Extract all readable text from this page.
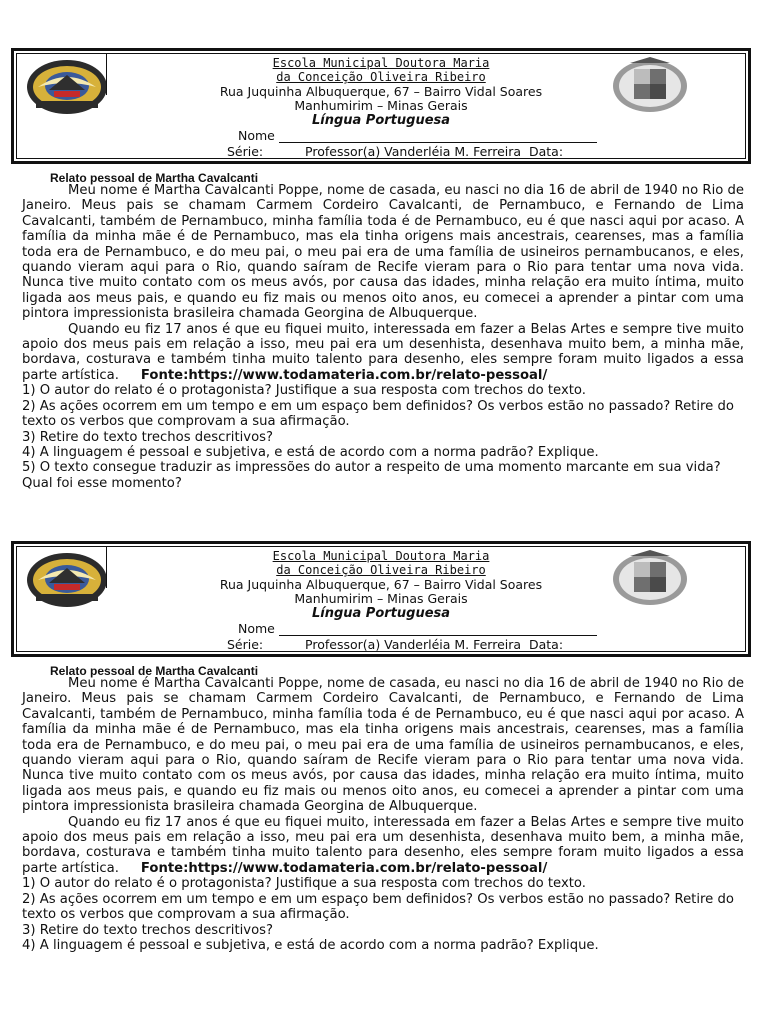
Escola Municipal Doutora Maria
da Conceição Oliveira Ribeiro
Rua Juquinha Albuquerque, 67 – Bairro Vidal Soares
Manhumirim – Minas Gerais
Língua Portuguesa
Nome
Série:	Professor(a) Vanderléia M. Ferreira Data:
Relato pessoal de Martha Cavalcanti

Meu nome é Martha Cavalcanti Poppe, nome de casada, eu nasci no dia 16 de abril de 1940 no Rio de Janeiro. Meus pais se chamam Carmem Cordeiro Cavalcanti, de Pernambuco, e Fernando de Lima Cavalcanti, também de Pernambuco, minha família toda é de Pernambuco, eu é que nasci aqui por acaso. A família da minha mãe é de Pernambuco, mas ela tinha origens mais ancestrais, cearenses, mas a família toda era de Pernambuco, e do meu pai, o meu pai era de uma família de usineiros pernambucanos, e eles, quando vieram aqui para o Rio, quando saíram de Recife vieram para o Rio para tentar uma nova vida. Nunca tive muito contato com os meus avós, por causa das idades, minha relação era muito íntima, muito ligada aos meus pais, e quando eu fiz mais ou menos oito anos, eu comecei a aprender a pintar com uma pintora impressionista brasileira chamada Georgina de Albuquerque.

Quando eu fiz 17 anos é que eu fiquei muito, interessada em fazer a Belas Artes e sempre tive muito apoio dos meus pais em relação a isso, meu pai era um desenhista, desenhava muito bem, a minha mãe, bordava, costurava e também tinha muito talento para desenho, eles sempre foram muito ligados a essa parte artística. Fonte:https://www.todamateria.com.br/relato-pessoal/

1) O autor do relato é o protagonista? Justifique a sua resposta com trechos do texto.

2) As ações ocorrem em um tempo e em um espaço bem definidos? Os verbos estão no passado? Retire do texto os verbos que comprovam a sua afirmação.

3) Retire do texto trechos descritivos?

4) A linguagem é pessoal e subjetiva, e está de acordo com a norma padrão? Explique.

5) O texto consegue traduzir as impressões do autor a respeito de uma momento marcante em sua vida? Qual foi esse momento?

Escola Municipal Doutora Maria
da Conceição Oliveira Ribeiro
Rua Juquinha Albuquerque, 67 – Bairro Vidal Soares
Manhumirim – Minas Gerais
Língua Portuguesa
Nome
Série:	Professor(a) Vanderléia M. Ferreira Data:
Relato pessoal de Martha Cavalcanti

Meu nome é Martha Cavalcanti Poppe, nome de casada, eu nasci no dia 16 de abril de 1940 no Rio de Janeiro. Meus pais se chamam Carmem Cordeiro Cavalcanti, de Pernambuco, e Fernando de Lima Cavalcanti, também de Pernambuco, minha família toda é de Pernambuco, eu é que nasci aqui por acaso. A família da minha mãe é de Pernambuco, mas ela tinha origens mais ancestrais, cearenses, mas a família toda era de Pernambuco, e do meu pai, o meu pai era de uma família de usineiros pernambucanos, e eles, quando vieram aqui para o Rio, quando saíram de Recife vieram para o Rio para tentar uma nova vida. Nunca tive muito contato com os meus avós, por causa das idades, minha relação era muito íntima, muito ligada aos meus pais, e quando eu fiz mais ou menos oito anos, eu comecei a aprender a pintar com uma pintora impressionista brasileira chamada Georgina de Albuquerque.

Quando eu fiz 17 anos é que eu fiquei muito, interessada em fazer a Belas Artes e sempre tive muito apoio dos meus pais em relação a isso, meu pai era um desenhista, desenhava muito bem, a minha mãe, bordava, costurava e também tinha muito talento para desenho, eles sempre foram muito ligados a essa parte artística. Fonte:https://www.todamateria.com.br/relato-pessoal/

1) O autor do relato é o protagonista? Justifique a sua resposta com trechos do texto.

2) As ações ocorrem em um tempo e em um espaço bem definidos? Os verbos estão no passado? Retire do texto os verbos que comprovam a sua afirmação.

3) Retire do texto trechos descritivos?

4) A linguagem é pessoal e subjetiva, e está de acordo com a norma padrão? Explique.
